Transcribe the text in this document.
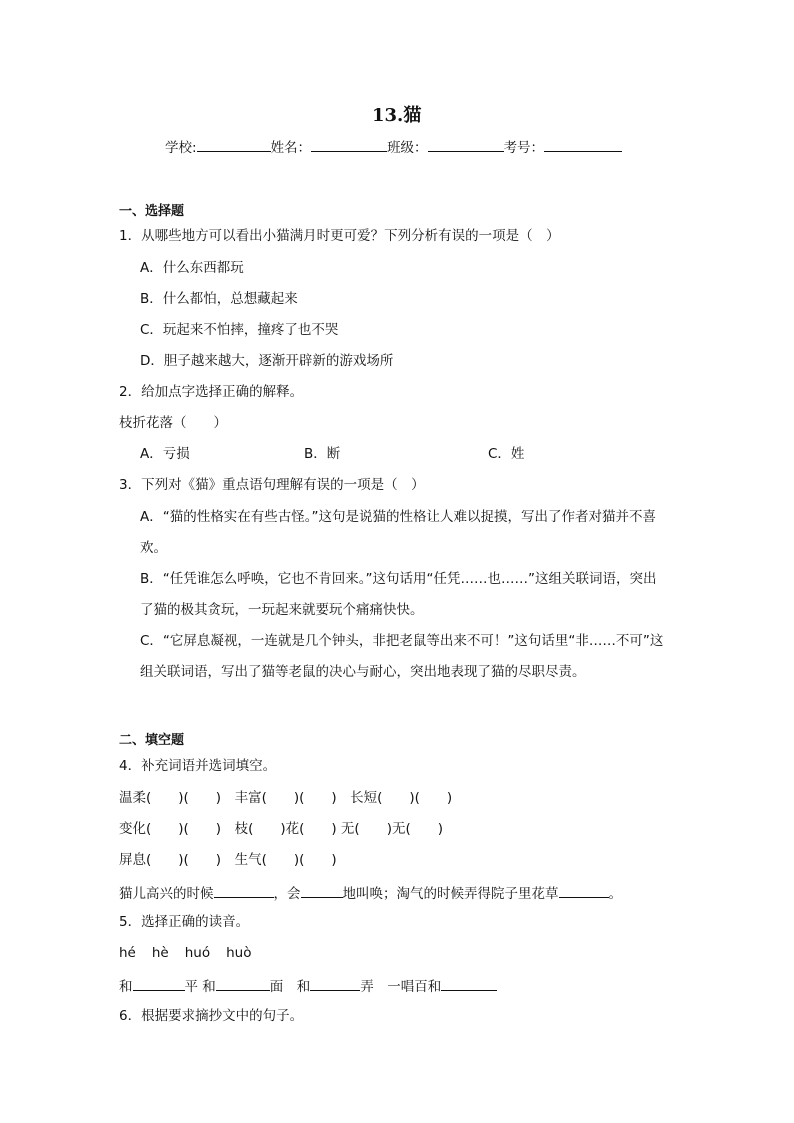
13.猫
学校:	姓名：	班级：	考号：
一、选择题
1．从哪些地方可以看出小猫满月时更可爱？下列分析有误的一项是（　）
A．什么东西都玩
B．什么都怕，总想藏起来
C．玩起来不怕摔，撞疼了也不哭
D．胆子越来越大，逐渐开辟新的游戏场所
2．给加点字选择正确的解释。
枝折花落（　　）
A．亏损	B．断	C．姓
3．下列对《猫》重点语句理解有误的一项是（　）
A．“猫的性格实在有些古怪。”这句是说猫的性格让人难以捉摸，写出了作者对猫并不喜
欢。
B．“任凭谁怎么呼唤，它也不肯回来。”这句话用“任凭……也……”这组关联词语，突出
了猫的极其贪玩，一玩起来就要玩个痛痛快快。
C．“它屏息凝视，一连就是几个钟头，非把老鼠等出来不可！”这句话里“非……不可”这
组关联词语，写出了猫等老鼠的决心与耐心，突出地表现了猫的尽职尽责。
二、填空题
4．补充词语并选词填空。
温柔(　　)(　　)　丰富(　　)(　　)　长短(　　)(　　)
变化(　　)(　　)　枝(　　)花(　　) 无(　　)无(　　)
屏息(　　)(　　)　生气(　　)(　　)
猫儿高兴的时候	，会	地叫唤；淘气的时候弄得院子里花草	。
5．选择正确的读音。
hé hè huó huò
和	平 和	面　和	弄　一唱百和
6．根据要求摘抄文中的句子。
